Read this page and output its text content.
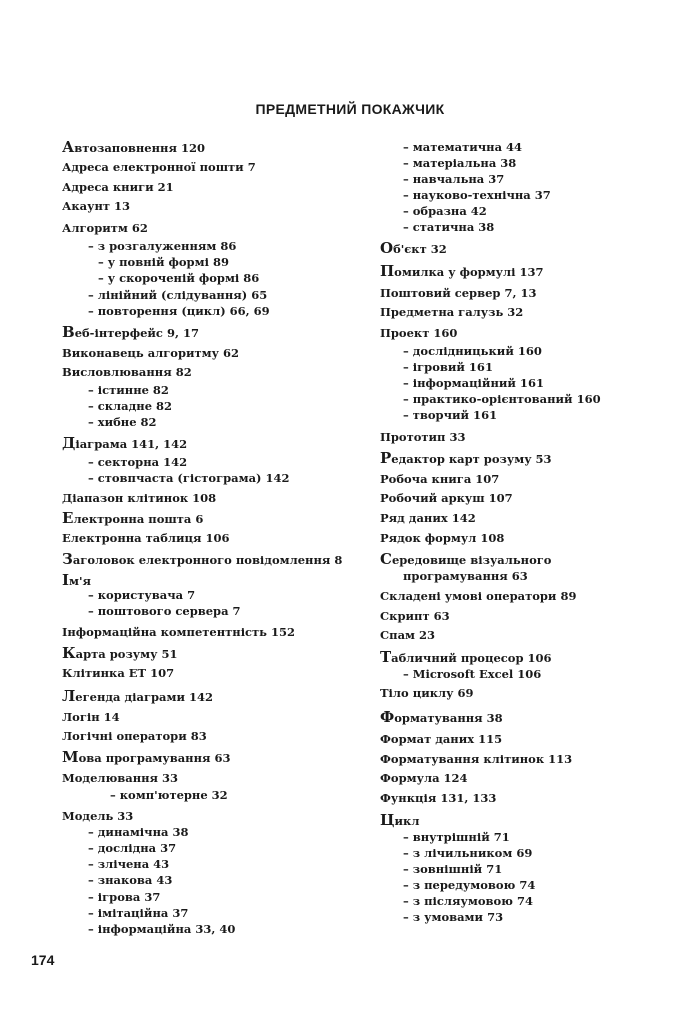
ПРЕДМЕТНИЙ ПОКАЖЧИК
Автозаповнення 120
Адреса електронної пошти 7
Адреса книги 21
Акаунт 13
Алгоритм 62
– з розгалуженням 86
– у повній формі 89
– у скороченій формі 86
– лінійний (слідування) 65
– повторення (цикл) 66, 69
Веб-інтерфейс 9, 17
Виконавець алгоритму 62
Висловлювання 82
– істинне 82
– складне 82
– хибне 82
Діаграма 141, 142
– секторна 142
– стовпчаста (гістограма) 142
Діапазон клітинок 108
Електронна пошта 6
Електронна таблиця 106
Заголовок електронного повідомлення 8
Ім'я
– користувача 7
– поштового сервера 7
Інформаційна компетентність 152
Карта розуму 51
Клітинка ЕТ 107
Легенда діаграми 142
Логін 14
Логічні оператори 83
Мова програмування 63
Моделювання 33
– комп'ютерне 32
Модель 33
– динамічна 38
– дослідна 37
– злічена 43
– знакова 43
– ігрова 37
– імітаційна 37
– інформаційна 33, 40
– математична 44
– матеріальна 38
– навчальна 37
– науково-технічна 37
– образна 42
– статична 38
Об'єкт 32
Помилка у формулі 137
Поштовий сервер 7, 13
Предметна галузь 32
Проект 160
– дослідницький 160
– ігровий 161
– інформаційний 161
– практико-орієнтований 160
– творчий 161
Прототип 33
Редактор карт розуму 53
Робоча книга 107
Робочий аркуш 107
Ряд даних 142
Рядок формул 108
Середовище візуального
програмування 63
Складені умові оператори 89
Скрипт 63
Спам 23
Табличний процесор 106
– Microsoft Excel 106
Тіло циклу 69
Форматування 38
Формат даних 115
Форматування клітинок 113
Формула 124
Функція 131, 133
Цикл
– внутрішній 71
– з лічильником 69
– зовнішній 71
– з передумовою 74
– з післяумовою 74
– з умовами 73
174
